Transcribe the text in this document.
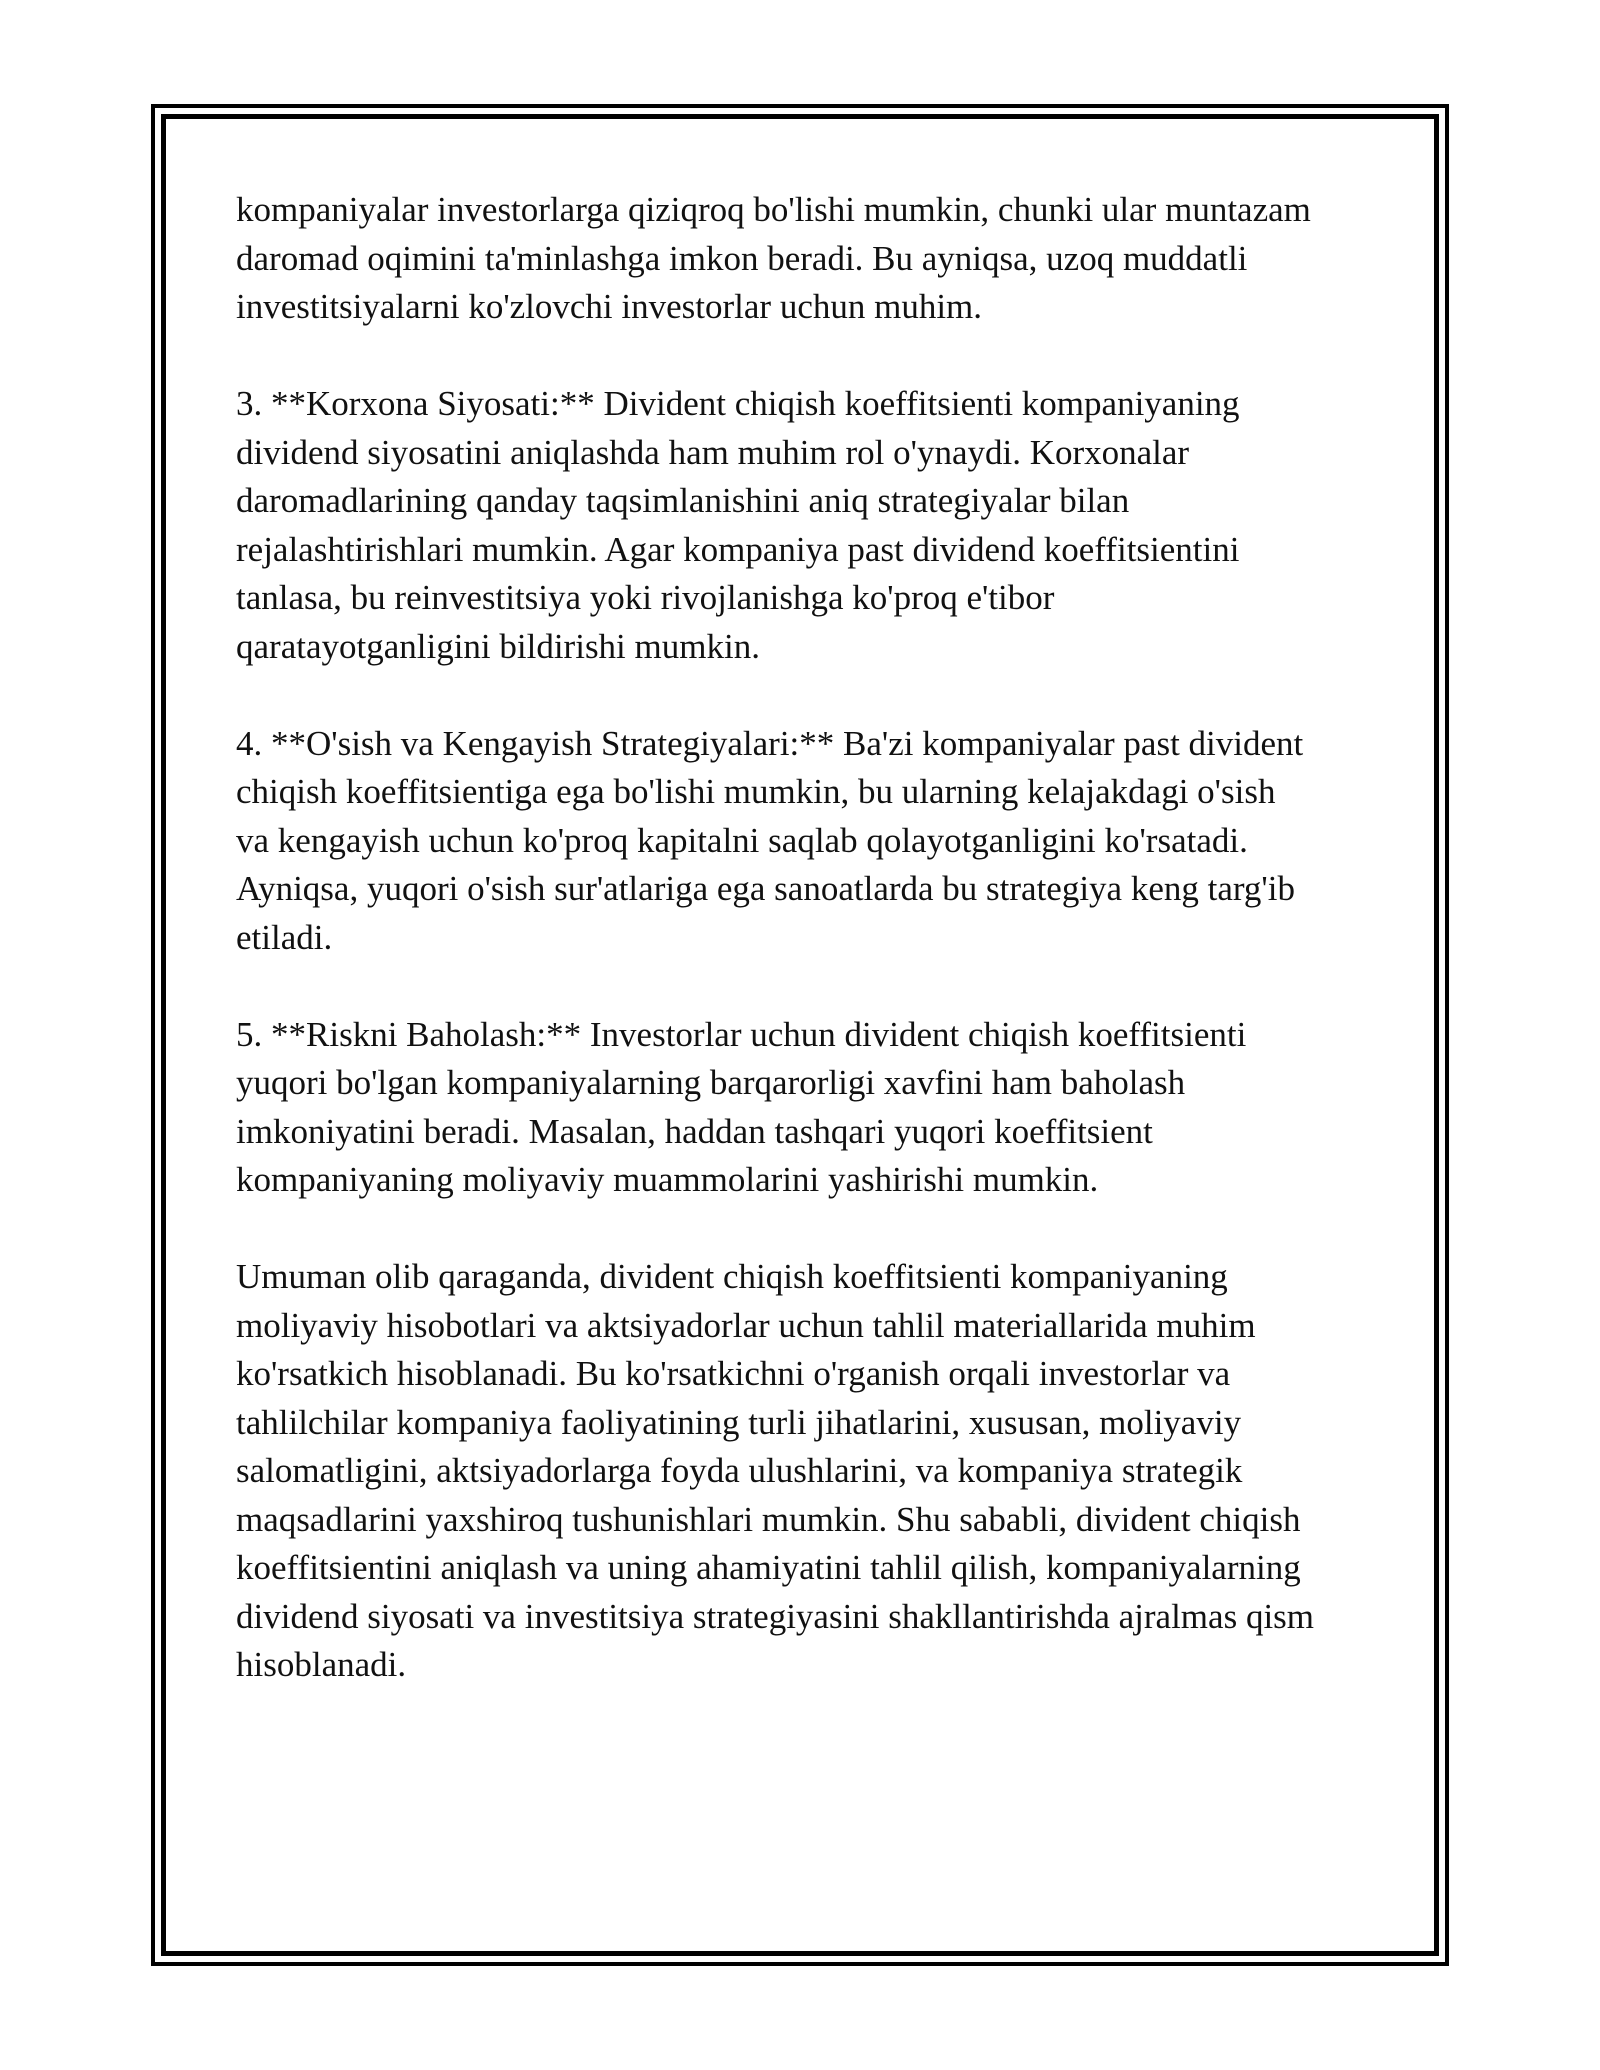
kompaniyalar investorlarga qiziqroq bo'lishi mumkin, chunki ular muntazam
daromad oqimini ta'minlashga imkon beradi. Bu ayniqsa, uzoq muddatli
investitsiyalarni ko'zlovchi investorlar uchun muhim.

3. **Korxona Siyosati:** Divident chiqish koeffitsienti kompaniyaning
dividend siyosatini aniqlashda ham muhim rol o'ynaydi. Korxonalar
daromadlarining qanday taqsimlanishini aniq strategiyalar bilan
rejalashtirishlari mumkin. Agar kompaniya past dividend koeffitsientini
tanlasa, bu reinvestitsiya yoki rivojlanishga ko'proq e'tibor
qaratayotganligini bildirishi mumkin.

4. **O'sish va Kengayish Strategiyalari:** Ba'zi kompaniyalar past divident
chiqish koeffitsientiga ega bo'lishi mumkin, bu ularning kelajakdagi o'sish
va kengayish uchun ko'proq kapitalni saqlab qolayotganligini ko'rsatadi.
Ayniqsa, yuqori o'sish sur'atlariga ega sanoatlarda bu strategiya keng targ'ib
etiladi.

5. **Riskni Baholash:** Investorlar uchun divident chiqish koeffitsienti
yuqori bo'lgan kompaniyalarning barqarorligi xavfini ham baholash
imkoniyatini beradi. Masalan, haddan tashqari yuqori koeffitsient
kompaniyaning moliyaviy muammolarini yashirishi mumkin.

Umuman olib qaraganda, divident chiqish koeffitsienti kompaniyaning
moliyaviy hisobotlari va aktsiyadorlar uchun tahlil materiallarida muhim
ko'rsatkich hisoblanadi. Bu ko'rsatkichni o'rganish orqali investorlar va
tahlilchilar kompaniya faoliyatining turli jihatlarini, xususan, moliyaviy
salomatligini, aktsiyadorlarga foyda ulushlarini, va kompaniya strategik
maqsadlarini yaxshiroq tushunishlari mumkin. Shu sababli, divident chiqish
koeffitsientini aniqlash va uning ahamiyatini tahlil qilish, kompaniyalarning
dividend siyosati va investitsiya strategiyasini shakllantirishda ajralmas qism
hisoblanadi.
